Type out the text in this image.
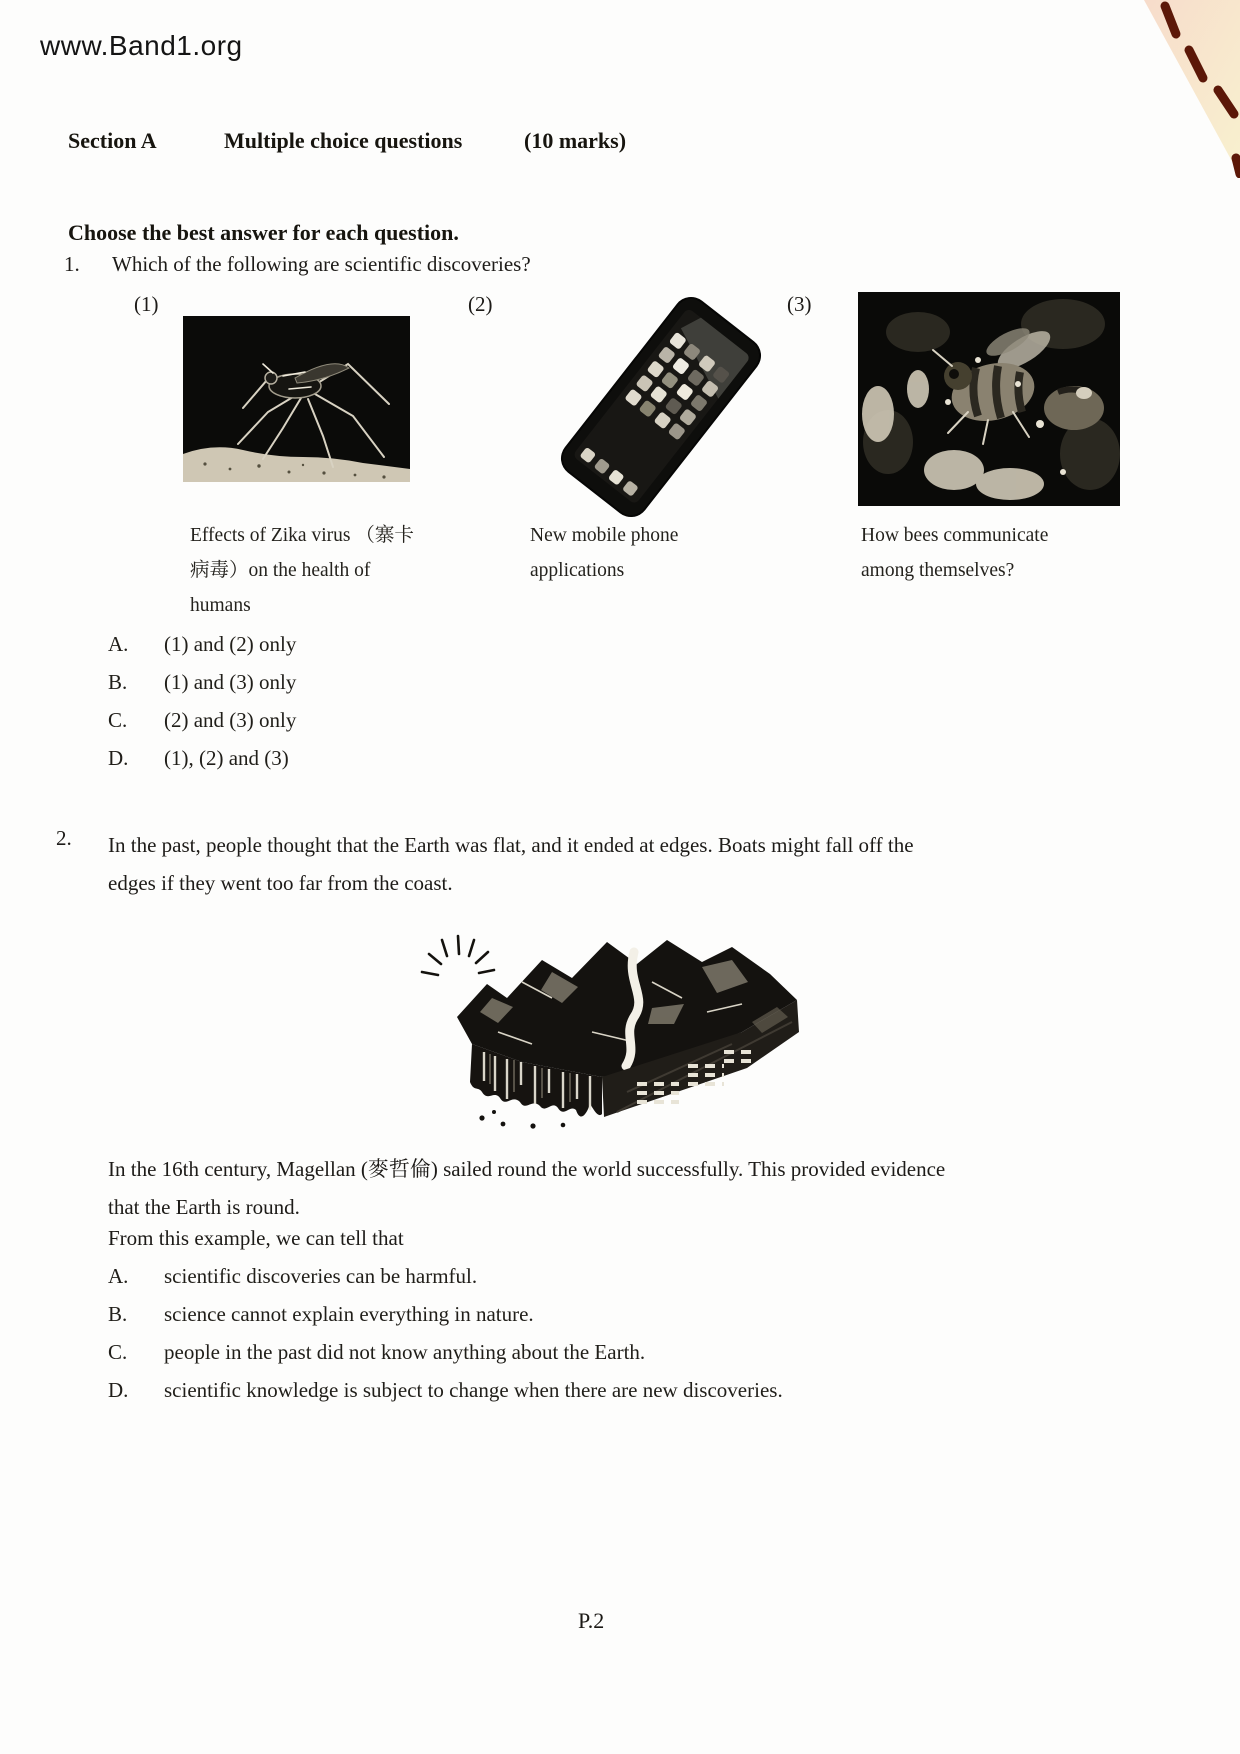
www.Band1.org
Section A	Multiple choice questions	(10 marks)
Choose the best answer for each question.
1. Which of the following are scientific discoveries?
(1)	(2)	(3)
Effects of Zika virus （寨卡
病毒）on the health of
humans
New mobile phone
applications
How bees communicate
among themselves?
A.	(1) and (2) only
B.	(1) and (3) only
C.	(2) and (3) only
D.	(1), (2) and (3)
2. In the past, people thought that the Earth was flat, and it ended at edges. Boats might fall off the
edges if they went too far from the coast.
In the 16th century, Magellan (麥哲倫) sailed round the world successfully. This provided evidence
that the Earth is round.
From this example, we can tell that
A.	scientific discoveries can be harmful.
B.	science cannot explain everything in nature.
C.	people in the past did not know anything about the Earth.
D.	scientific knowledge is subject to change when there are new discoveries.
P.2
